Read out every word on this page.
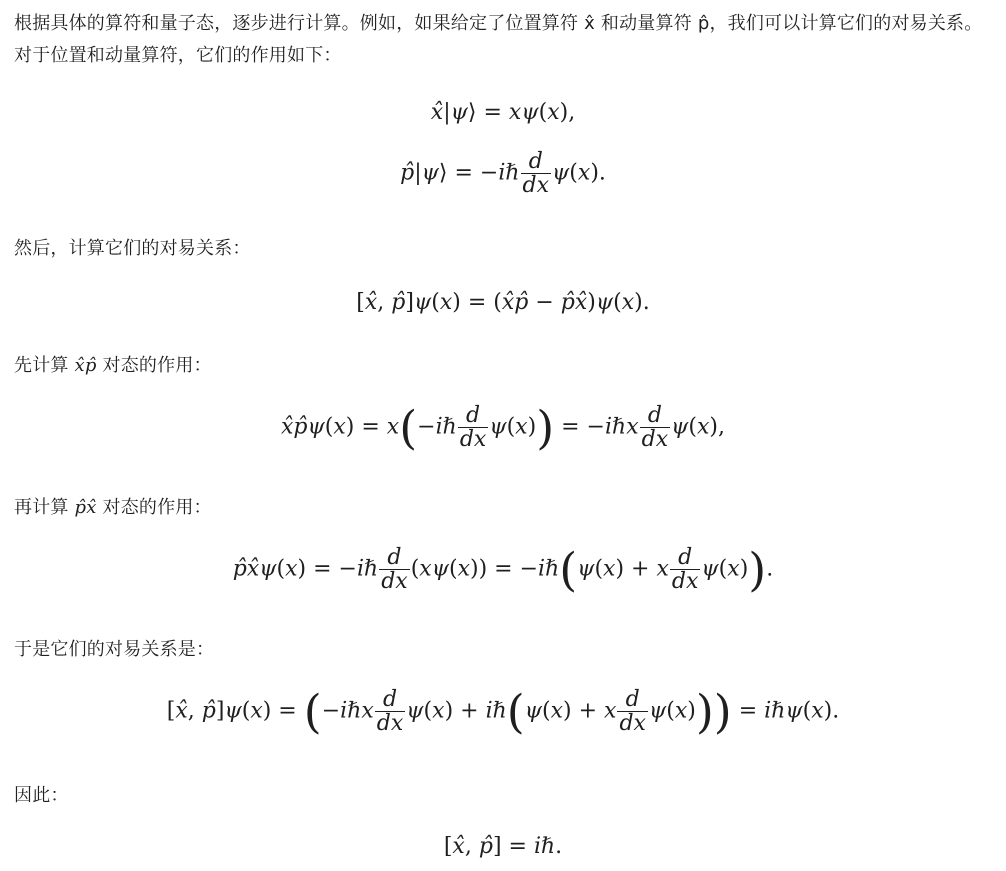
根据具体的算符和量子态，逐步进行计算。例如，如果给定了位置算符 x̂ 和动量算符 p̂，我们可以计算它们的对易关系。对于位置和动量算符，它们的作用如下：
x̂|ψ⟩ = xψ(x),
p̂|ψ⟩ = −iℏ $\frac{d}{dx} \psi(x)$.
然后，计算它们的对易关系：
[x̂, p̂]ψ(x) = (x̂p̂ − p̂x̂)ψ(x).
先计算 x̂p̂ 对态的作用：
x̂p̂ψ(x) = x(−iℏ $\frac{d}{dx} \psi(x)$) = −iℏx $\frac{d}{dx} \psi(x)$,
再计算 p̂x̂ 对态的作用：
p̂x̂ψ(x) = −iℏ $\frac{d}{dx} (x\psi(x))$ = −iℏ(ψ(x) + x $\frac{d}{dx} \psi(x)$).
于是它们的对易关系是：
[x̂, p̂]ψ(x) = (−iℏx $\frac{d}{dx} \psi(x)$ + iℏ(ψ(x) + x $\frac{d}{dx} \psi(x)$)) = iℏψ(x).
因此：
[x̂, p̂] = iℏ.
